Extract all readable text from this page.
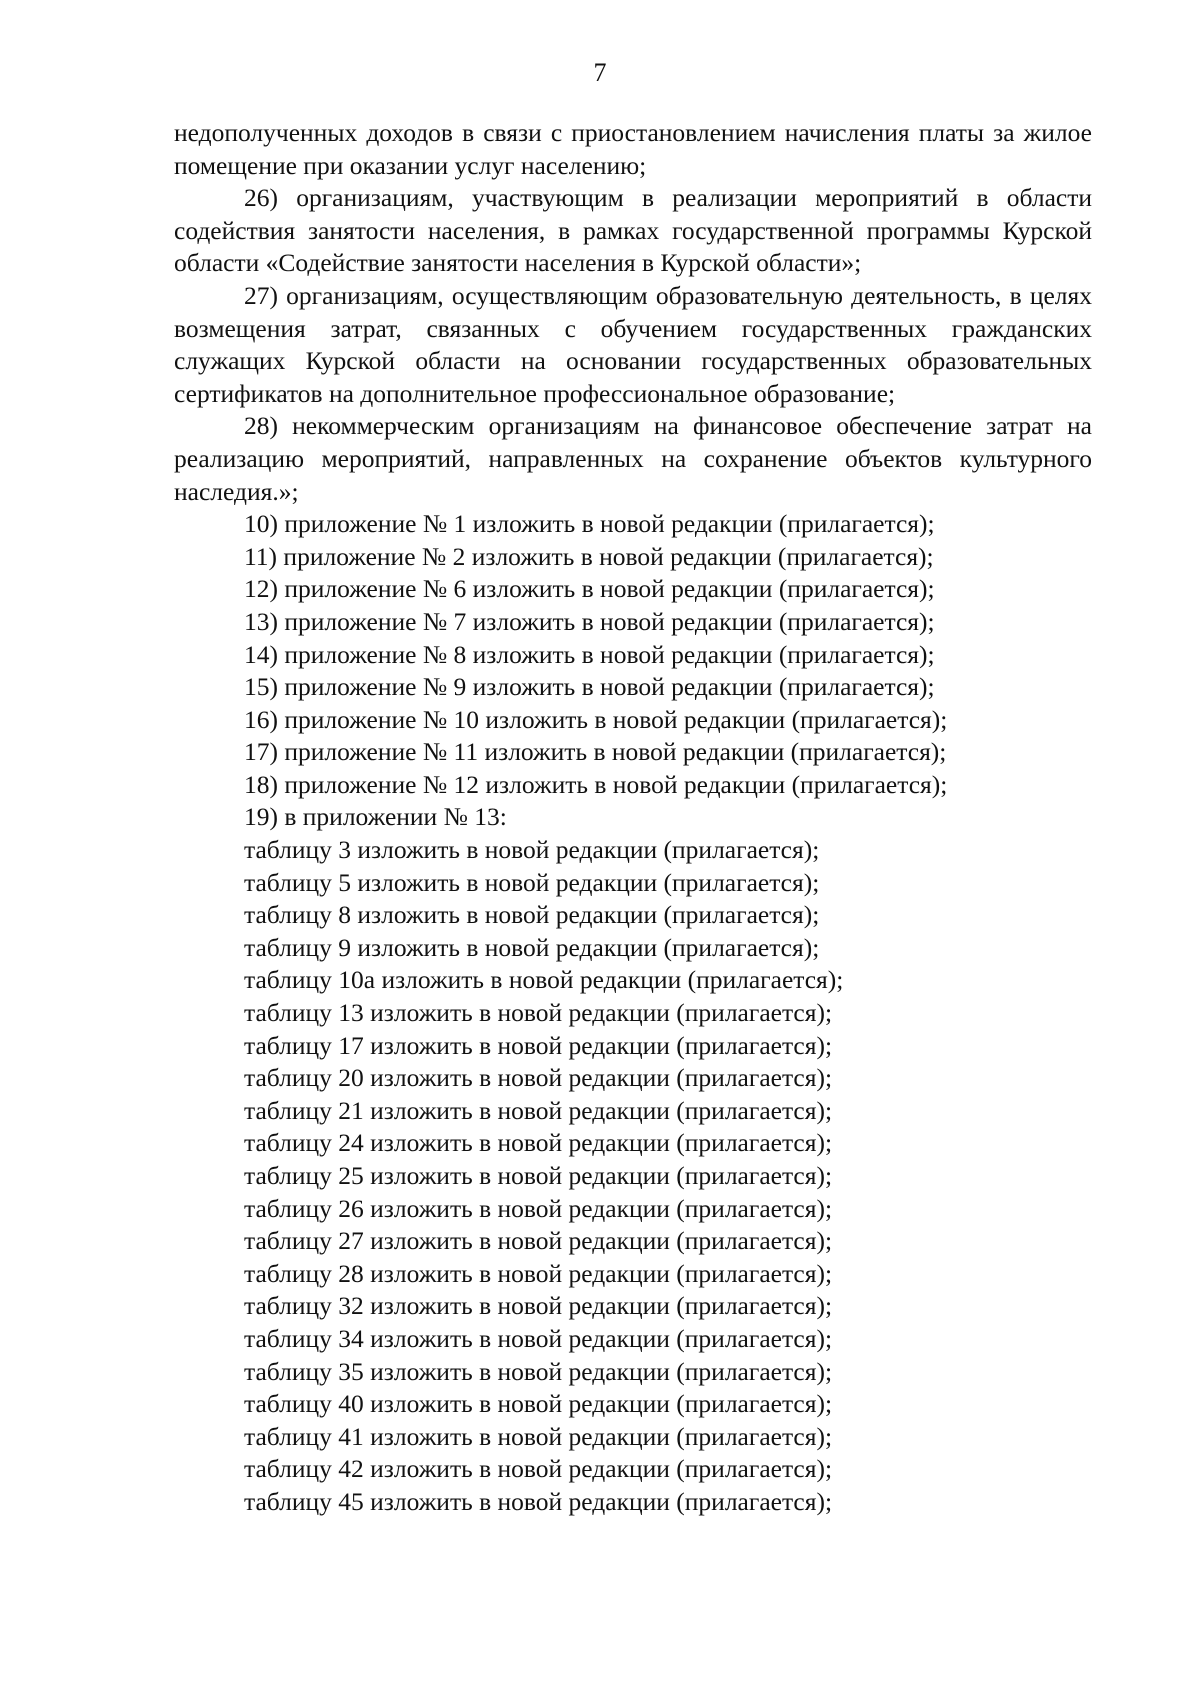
7

недополученных доходов в связи с приостановлением начисления платы за жилое помещение при оказании услуг населению;

26) организациям, участвующим в реализации мероприятий в области содействия занятости населения, в рамках государственной программы Курской области «Содействие занятости населения в Курской области»;

27) организациям, осуществляющим образовательную деятельность, в целях возмещения затрат, связанных с обучением государственных гражданских служащих Курской области на основании государственных образовательных сертификатов на дополнительное профессиональное образование;

28) некоммерческим организациям на финансовое обеспечение затрат на реализацию мероприятий, направленных на сохранение объектов культурного наследия.»;

10) приложение № 1 изложить в новой редакции (прилагается);
11) приложение № 2 изложить в новой редакции (прилагается);
12) приложение № 6 изложить в новой редакции (прилагается);
13) приложение № 7 изложить в новой редакции (прилагается);
14) приложение № 8 изложить в новой редакции (прилагается);
15) приложение № 9 изложить в новой редакции (прилагается);
16) приложение № 10 изложить в новой редакции (прилагается);
17) приложение № 11 изложить в новой редакции (прилагается);
18) приложение № 12 изложить в новой редакции (прилагается);
19) в приложении № 13:
таблицу 3 изложить в новой редакции (прилагается);
таблицу 5 изложить в новой редакции (прилагается);
таблицу 8 изложить в новой редакции (прилагается);
таблицу 9 изложить в новой редакции (прилагается);
таблицу 10а изложить в новой редакции (прилагается);
таблицу 13 изложить в новой редакции (прилагается);
таблицу 17 изложить в новой редакции (прилагается);
таблицу 20 изложить в новой редакции (прилагается);
таблицу 21 изложить в новой редакции (прилагается);
таблицу 24 изложить в новой редакции (прилагается);
таблицу 25 изложить в новой редакции (прилагается);
таблицу 26 изложить в новой редакции (прилагается);
таблицу 27 изложить в новой редакции (прилагается);
таблицу 28 изложить в новой редакции (прилагается);
таблицу 32 изложить в новой редакции (прилагается);
таблицу 34 изложить в новой редакции (прилагается);
таблицу 35 изложить в новой редакции (прилагается);
таблицу 40 изложить в новой редакции (прилагается);
таблицу 41 изложить в новой редакции (прилагается);
таблицу 42 изложить в новой редакции (прилагается);
таблицу 45 изложить в новой редакции (прилагается);
